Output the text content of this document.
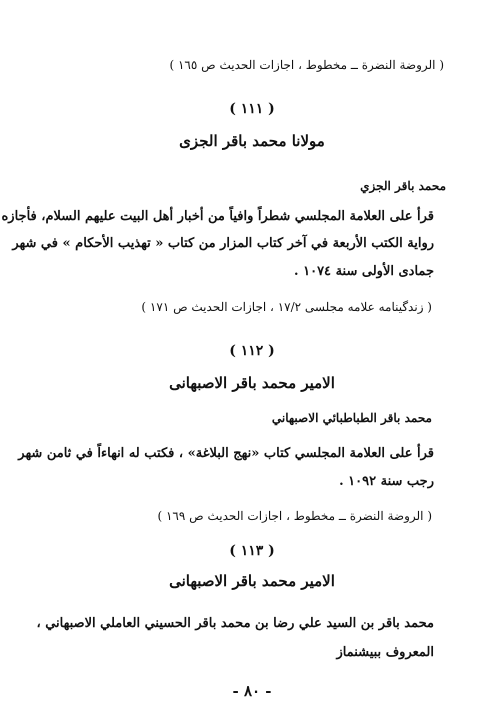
( الروضة النضرة ــ مخطوط ، اجازات الحديث ص ١٦٥ )
( ١١١ )
مولانا محمد باقر الجزى
محمد باقر الجزي
قرأ على العلامة المجلسي شطراً وافياً من أخبار أهل البيت عليهم السلام، فأجازه
رواية الكتب الأربعة في آخر كتاب المزار من كتاب « تهذيب الأحكام » في شهر
جمادى الأولى سنة ١٠٧٤ .
( زندگينامه علامه مجلسى ١٧/٢ ، اجازات الحديث ص ١٧١ )
( ١١٢ )
الامير محمد باقر الاصبهانى
محمد باقر الطباطبائي الاصبهاني
قرأ على العلامة المجلسي كتاب «نهج البلاغة» ، فكتب له انهاءاً في ثامن شهر
رجب سنة ١٠٩٢ .
( الروضة النضرة ــ مخطوط ، اجازات الحديث ص ١٦٩ )
( ١١٣ )
الامير محمد باقر الاصبهانى
محمد باقر بن السيد علي رضا بن محمد باقر الحسيني العاملي الاصبهاني ،
المعروف ببيشنماز
- ٨٠ -
